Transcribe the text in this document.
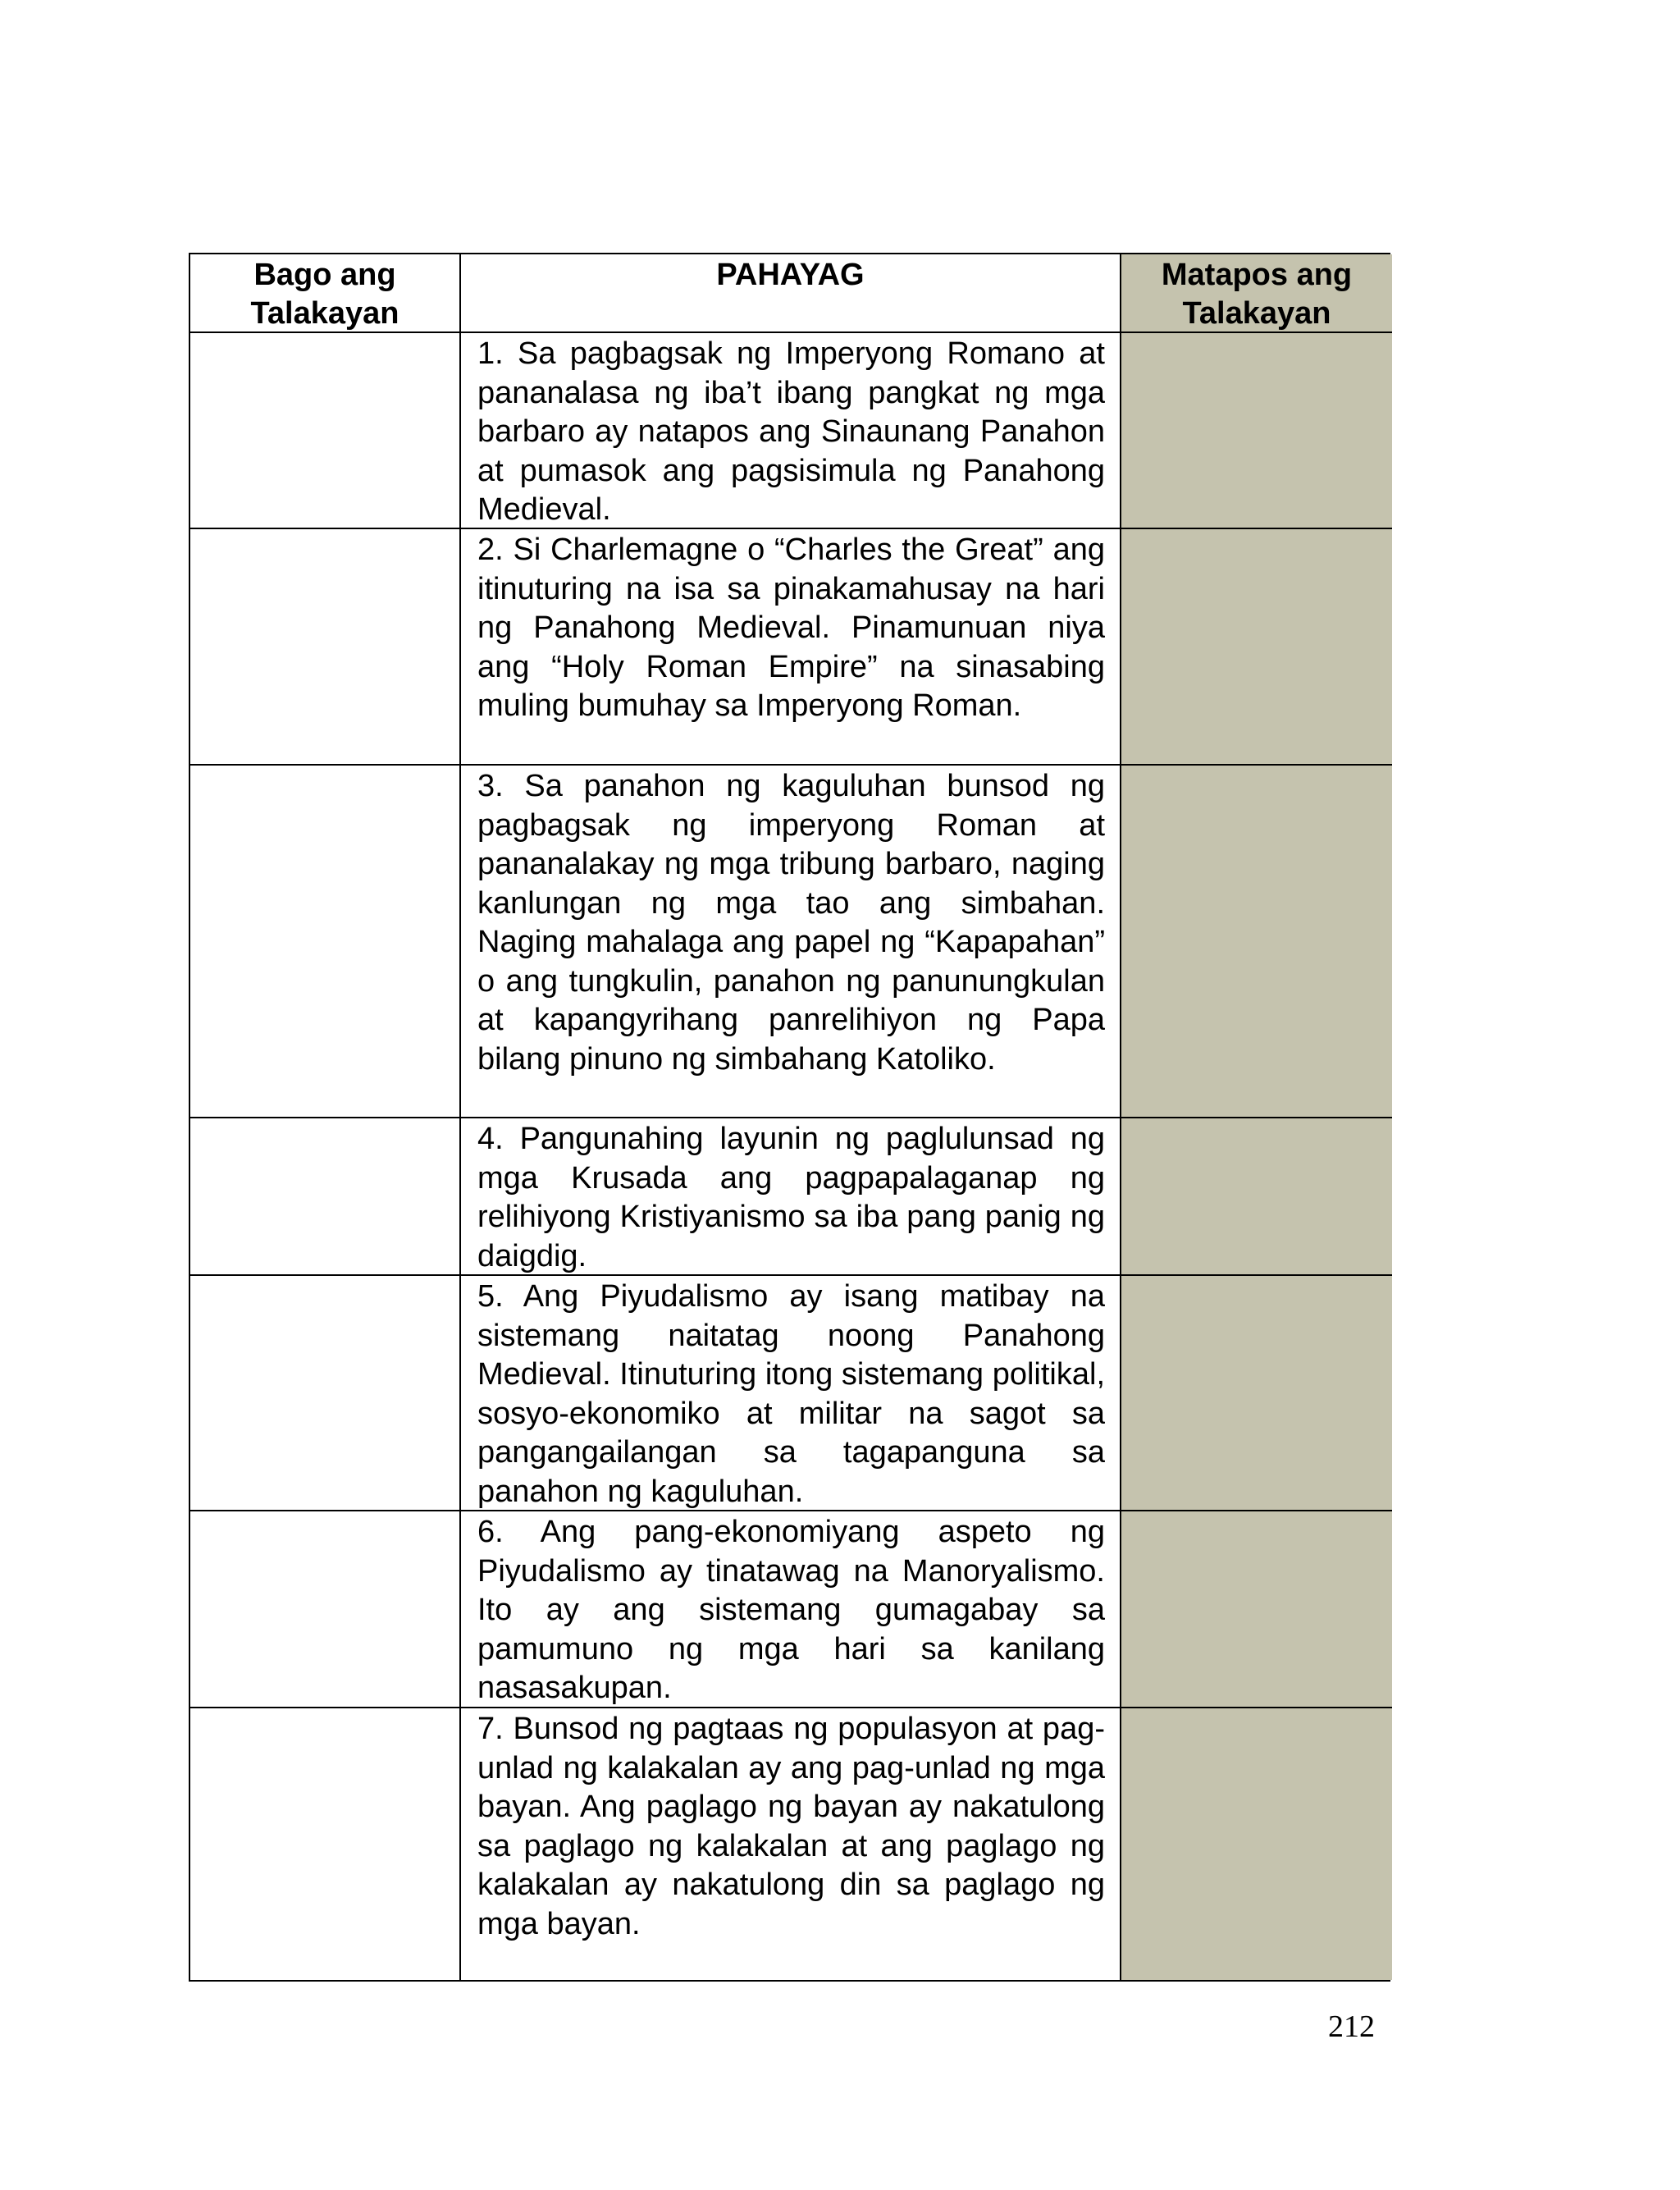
Bago ang Talakayan
PAHAYAG	Matapos ang Talakayan
1. Sa pagbagsak ng Imperyong Romano at pananalasa ng iba’t ibang pangkat ng mga barbaro ay natapos ang Sinaunang Panahon at pumasok ang pagsisimula ng Panahong Medieval.
2. Si Charlemagne o “Charles the Great” ang itinuturing na isa sa pinakamahusay na hari ng Panahong Medieval. Pinamunuan niya ang “Holy Roman Empire” na sinasabing muling bumuhay sa Imperyong Roman.
3. Sa panahon ng kaguluhan bunsod ng pagbagsak ng imperyong Roman at pananalakay ng mga tribung barbaro, naging kanlungan ng mga tao ang simbahan. Naging mahalaga ang papel ng “Kapapahan” o ang tungkulin, panahon ng panunungkulan at kapangyrihang panrelihiyon ng Papa bilang pinuno ng simbahang Katoliko.
4. Pangunahing layunin ng paglulunsad ng mga Krusada ang pagpapalaganap ng relihiyong Kristiyanismo sa iba pang panig ng daigdig.
5. Ang Piyudalismo ay isang matibay na sistemang naitatag noong Panahong Medieval. Itinuturing itong sistemang politikal, sosyo-ekonomiko at militar na sagot sa pangangailangan sa tagapanguna sa panahon ng kaguluhan.
6. Ang pang-ekonomiyang aspeto ng Piyudalismo ay tinatawag na Manoryalismo. Ito ay ang sistemang gumagabay sa pamumuno ng mga hari sa kanilang nasasakupan.
7. Bunsod ng pagtaas ng populasyon at pag-unlad ng kalakalan ay ang pag-unlad ng mga bayan. Ang paglago ng bayan ay nakatulong sa paglago ng kalakalan at ang paglago ng kalakalan ay nakatulong din sa paglago ng mga bayan.
212
